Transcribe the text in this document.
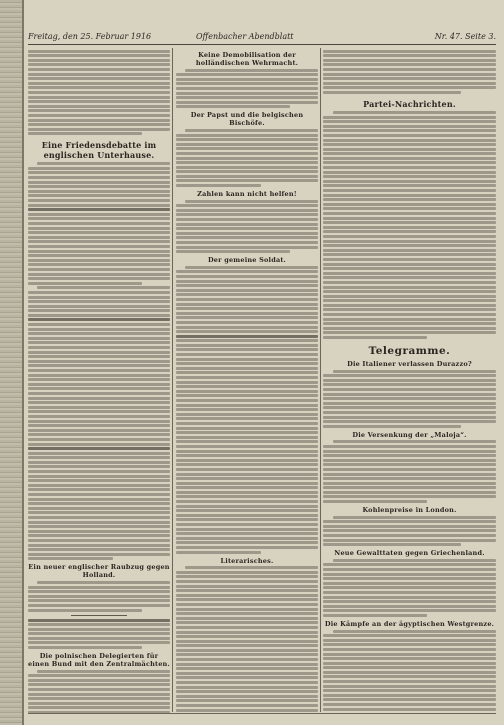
Freitag, den 25. Februar 1916	Offenbacher Abendblatt	Nr. 47. Seite 3.
Eine Friedensdebatte im englischen Unterhause.
Ein neuer englischer Raubzug gegen Holland.
Die polnischen Delegierten für einen Bund mit den Zentralmächten.
Keine Demobilisation der holländischen Wehrmacht.
Der Papst und die belgischen Bischöfe.
Zahlen kann nicht helfen!
Der gemeine Soldat.
Literarisches.
Partei-Nachrichten.
Telegramme.
Die Italiener verlassen Durazzo?
Die Versenkung der „Maloja“.
Kohlenpreise in London.
Neue Gewalttaten gegen Griechenland.
Die Kämpfe an der ägyptischen Westgrenze.
